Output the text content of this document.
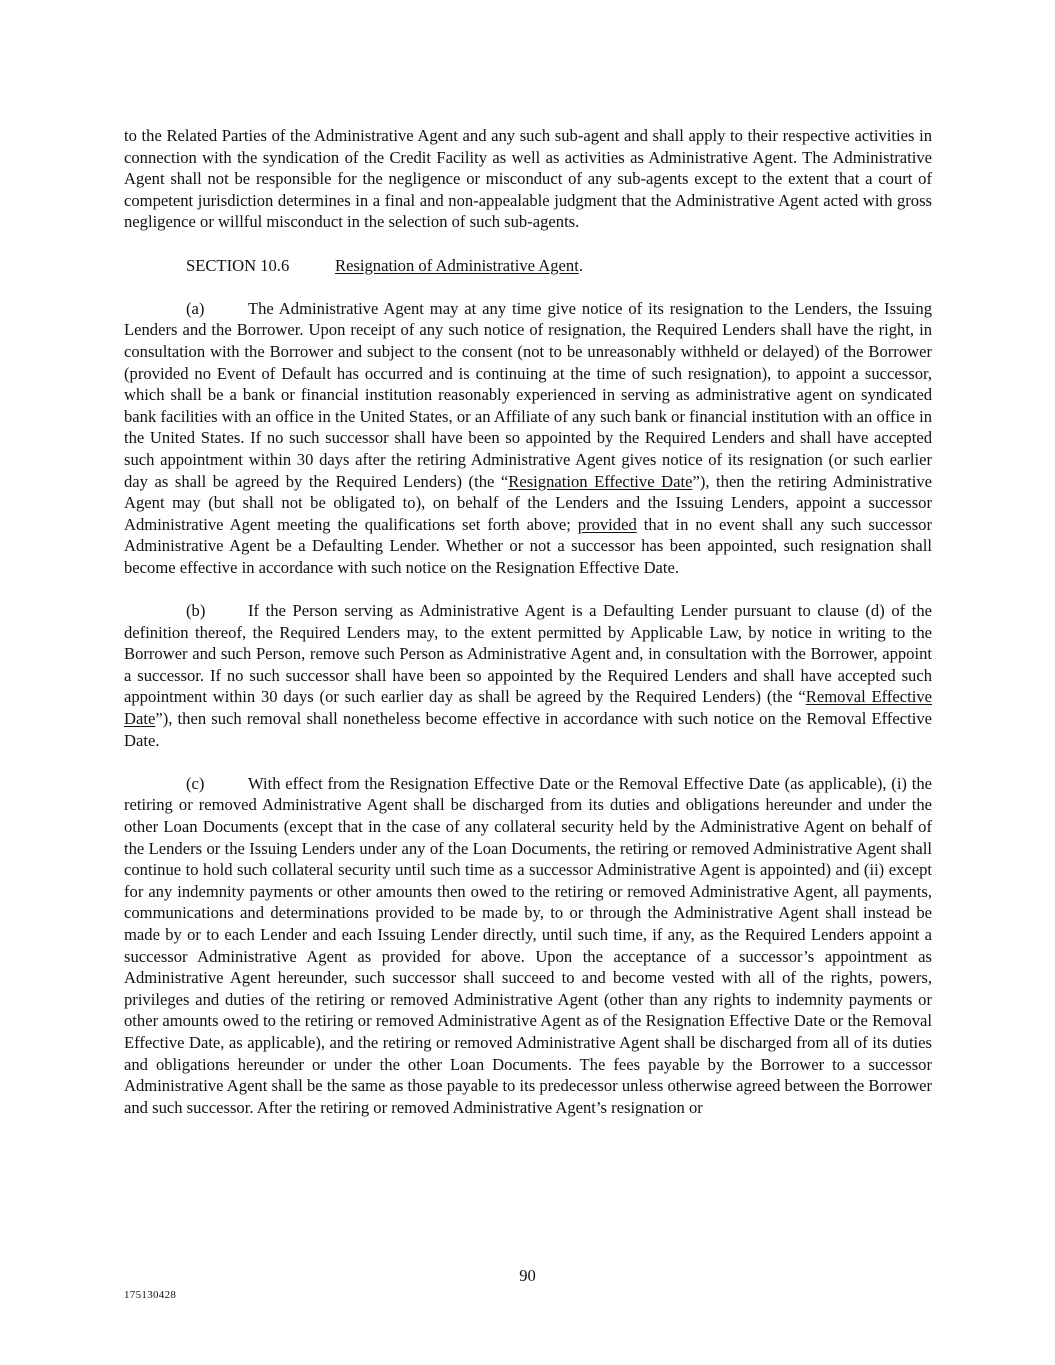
to the Related Parties of the Administrative Agent and any such sub-agent and shall apply to their respective activities in connection with the syndication of the Credit Facility as well as activities as Administrative Agent. The Administrative Agent shall not be responsible for the negligence or misconduct of any sub-agents except to the extent that a court of competent jurisdiction determines in a final and non-appealable judgment that the Administrative Agent acted with gross negligence or willful misconduct in the selection of such sub-agents.

SECTION 10.6	Resignation of Administrative Agent.

(a)	The Administrative Agent may at any time give notice of its resignation to the Lenders, the Issuing Lenders and the Borrower. Upon receipt of any such notice of resignation, the Required Lenders shall have the right, in consultation with the Borrower and subject to the consent (not to be unreasonably withheld or delayed) of the Borrower (provided no Event of Default has occurred and is continuing at the time of such resignation), to appoint a successor, which shall be a bank or financial institution reasonably experienced in serving as administrative agent on syndicated bank facilities with an office in the United States, or an Affiliate of any such bank or financial institution with an office in the United States. If no such successor shall have been so appointed by the Required Lenders and shall have accepted such appointment within 30 days after the retiring Administrative Agent gives notice of its resignation (or such earlier day as shall be agreed by the Required Lenders) (the “Resignation Effective Date”), then the retiring Administrative Agent may (but shall not be obligated to), on behalf of the Lenders and the Issuing Lenders, appoint a successor Administrative Agent meeting the qualifications set forth above; provided that in no event shall any such successor Administrative Agent be a Defaulting Lender. Whether or not a successor has been appointed, such resignation shall become effective in accordance with such notice on the Resignation Effective Date.

(b)	If the Person serving as Administrative Agent is a Defaulting Lender pursuant to clause (d) of the definition thereof, the Required Lenders may, to the extent permitted by Applicable Law, by notice in writing to the Borrower and such Person, remove such Person as Administrative Agent and, in consultation with the Borrower, appoint a successor. If no such successor shall have been so appointed by the Required Lenders and shall have accepted such appointment within 30 days (or such earlier day as shall be agreed by the Required Lenders) (the “Removal Effective Date”), then such removal shall nonetheless become effective in accordance with such notice on the Removal Effective Date.

(c)	With effect from the Resignation Effective Date or the Removal Effective Date (as applicable), (i) the retiring or removed Administrative Agent shall be discharged from its duties and obligations hereunder and under the other Loan Documents (except that in the case of any collateral security held by the Administrative Agent on behalf of the Lenders or the Issuing Lenders under any of the Loan Documents, the retiring or removed Administrative Agent shall continue to hold such collateral security until such time as a successor Administrative Agent is appointed) and (ii) except for any indemnity payments or other amounts then owed to the retiring or removed Administrative Agent, all payments, communications and determinations provided to be made by, to or through the Administrative Agent shall instead be made by or to each Lender and each Issuing Lender directly, until such time, if any, as the Required Lenders appoint a successor Administrative Agent as provided for above. Upon the acceptance of a successor’s appointment as Administrative Agent hereunder, such successor shall succeed to and become vested with all of the rights, powers, privileges and duties of the retiring or removed Administrative Agent (other than any rights to indemnity payments or other amounts owed to the retiring or removed Administrative Agent as of the Resignation Effective Date or the Removal Effective Date, as applicable), and the retiring or removed Administrative Agent shall be discharged from all of its duties and obligations hereunder or under the other Loan Documents. The fees payable by the Borrower to a successor Administrative Agent shall be the same as those payable to its predecessor unless otherwise agreed between the Borrower and such successor. After the retiring or removed Administrative Agent’s resignation or

90
175130428
